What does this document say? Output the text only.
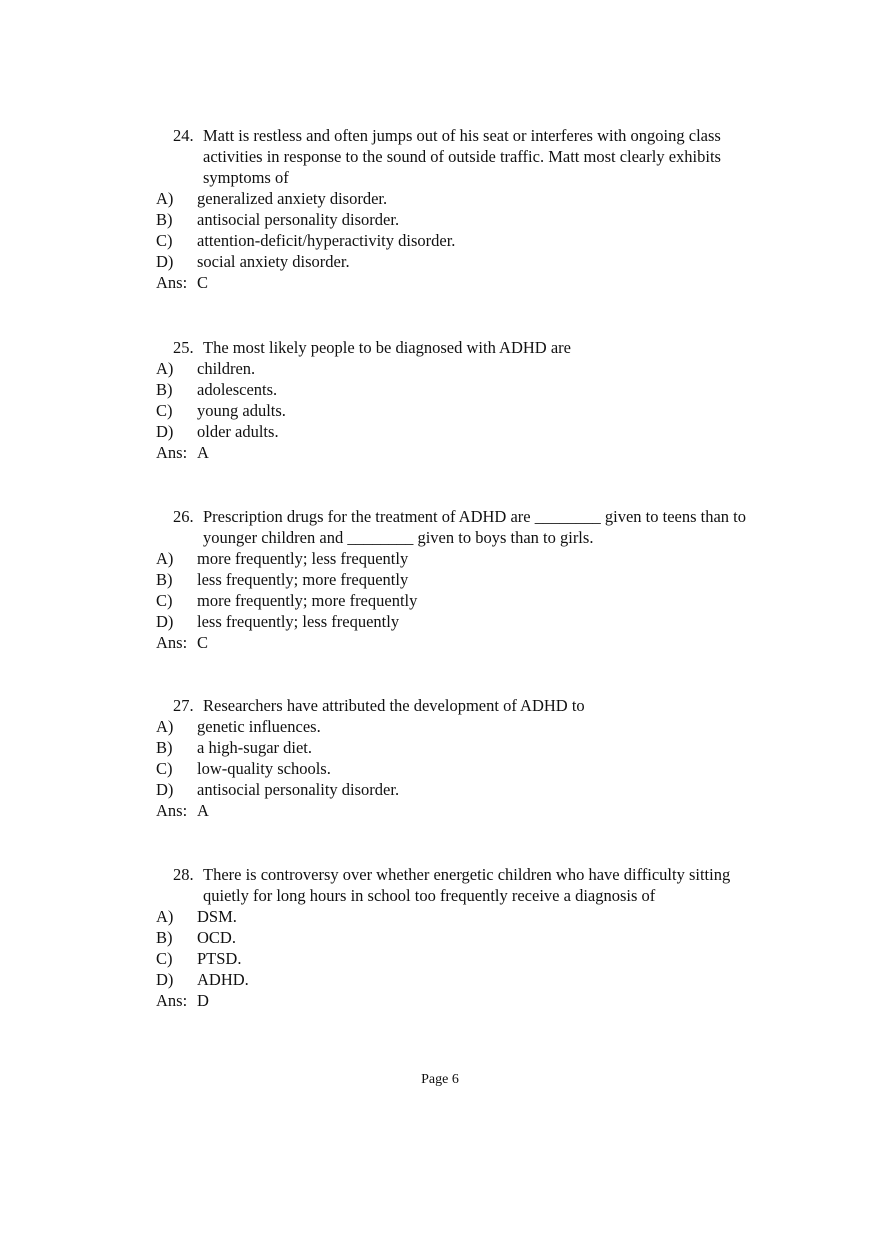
24. Matt is restless and often jumps out of his seat or interferes with ongoing class activities in response to the sound of outside traffic. Matt most clearly exhibits symptoms of

A)	generalized anxiety disorder.
B)	antisocial personality disorder.
C)	attention-deficit/hyperactivity disorder.
D)	social anxiety disorder.

Ans: C

25. The most likely people to be diagnosed with ADHD are

A)	children.
B)	adolescents.
C)	young adults.
D)	older adults.

Ans: A

26. Prescription drugs for the treatment of ADHD are ________ given to teens than to younger children and ________ given to boys than to girls.

A)	more frequently; less frequently
B)	less frequently; more frequently
C)	more frequently; more frequently
D)	less frequently; less frequently

Ans: C

27. Researchers have attributed the development of ADHD to

A)	genetic influences.
B)	a high-sugar diet.
C)	low-quality schools.
D)	antisocial personality disorder.

Ans: A

28. There is controversy over whether energetic children who have difficulty sitting quietly for long hours in school too frequently receive a diagnosis of

A)	DSM.
B)	OCD.
C)	PTSD.
D)	ADHD.

Ans: D

Page 6
